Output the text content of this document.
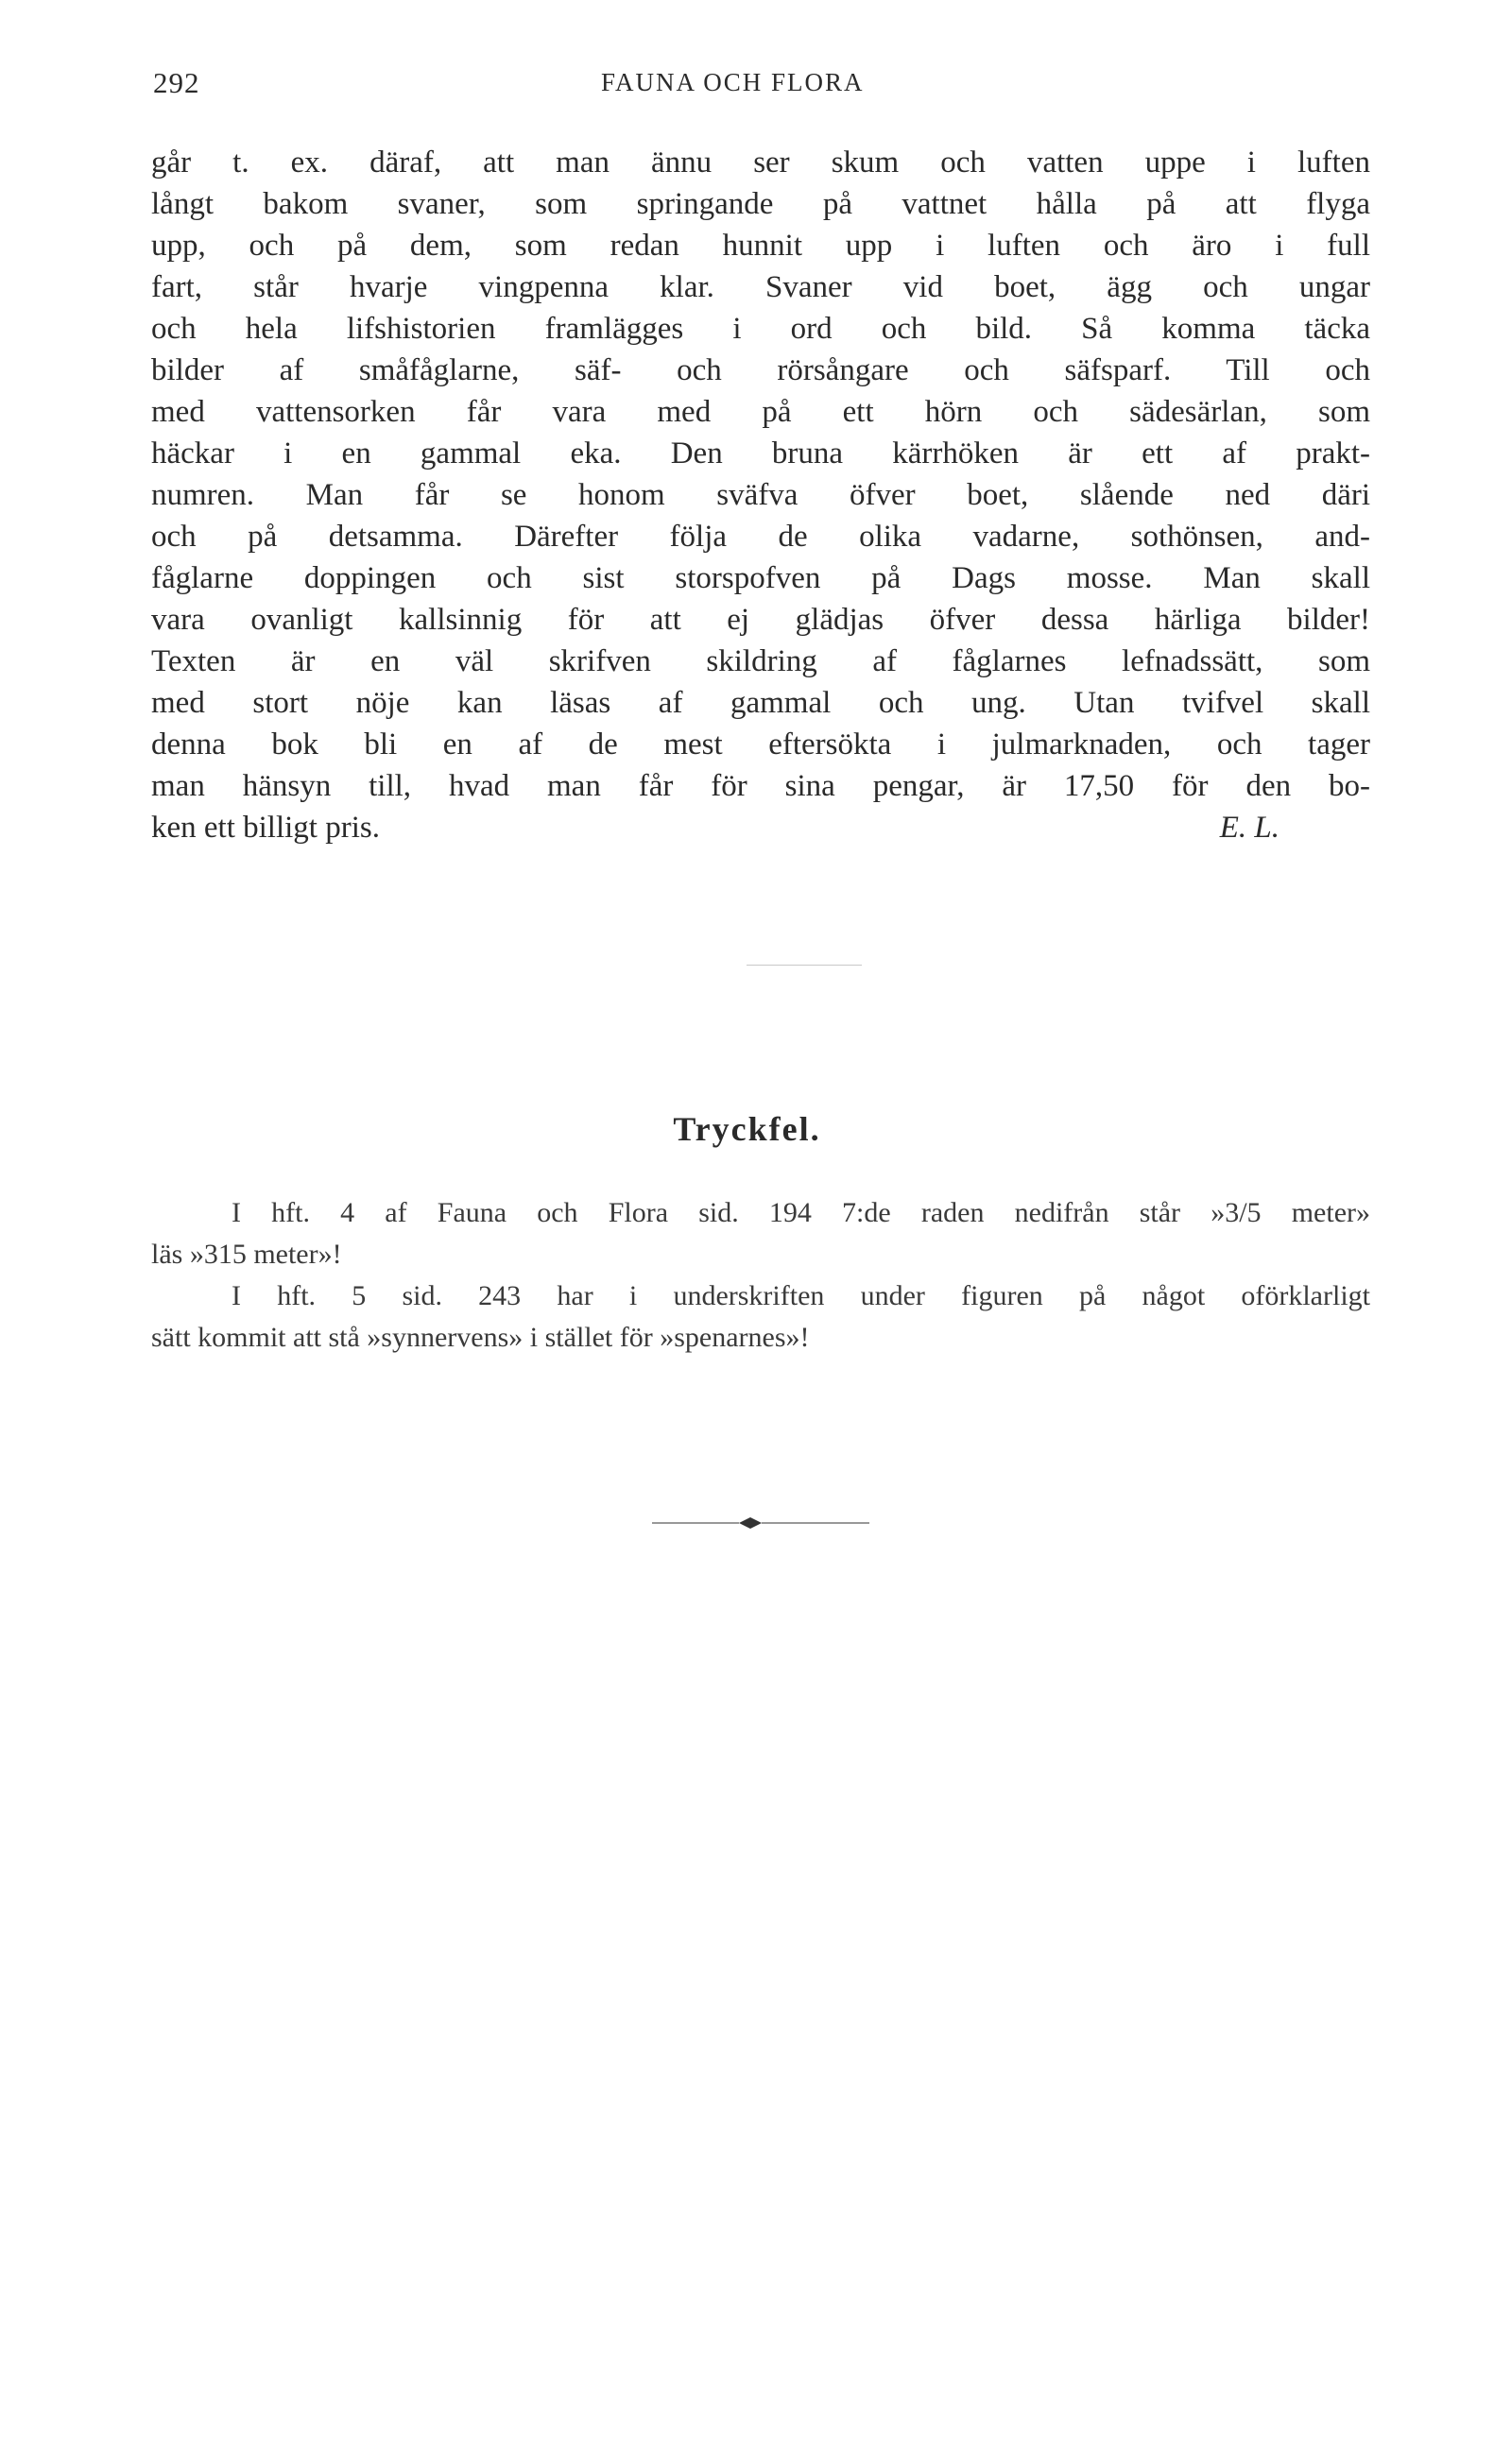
292	FAUNA OCH FLORA
går t. ex. däraf, att man ännu ser skum och vatten uppe i luften
långt bakom svaner, som springande på vattnet hålla på att flyga
upp, och på dem, som redan hunnit upp i luften och äro i full
fart, står hvarje vingpenna klar. Svaner vid boet, ägg och ungar
och hela lifshistorien framlägges i ord och bild. Så komma täcka
bilder af småfåglarne, säf- och rörsångare och säfsparf. Till och
med vattensorken får vara med på ett hörn och sädesärlan, som
häckar i en gammal eka. Den bruna kärrhöken är ett af prakt-
numren. Man får se honom sväfva öfver boet, slående ned däri
och på detsamma. Därefter följa de olika vadarne, sothönsen, and-
fåglarne doppingen och sist storspofven på Dags mosse. Man skall
vara ovanligt kallsinnig för att ej glädjas öfver dessa härliga bilder!
Texten är en väl skrifven skildring af fåglarnes lefnadssätt, som
med stort nöje kan läsas af gammal och ung. Utan tvifvel skall
denna bok bli en af de mest eftersökta i julmarknaden, och tager
man hänsyn till, hvad man får för sina pengar, är 17,50 för den bo-
ken ett billigt pris.	E. L.
Tryckfel.
I hft. 4 af Fauna och Flora sid. 194 7:de raden nedifrån står »3/5 meter»
läs »315 meter»!
I hft. 5 sid. 243 har i underskriften under figuren på något oförklarligt
sätt kommit att stå »synnervens» i stället för »spenarnes»!
